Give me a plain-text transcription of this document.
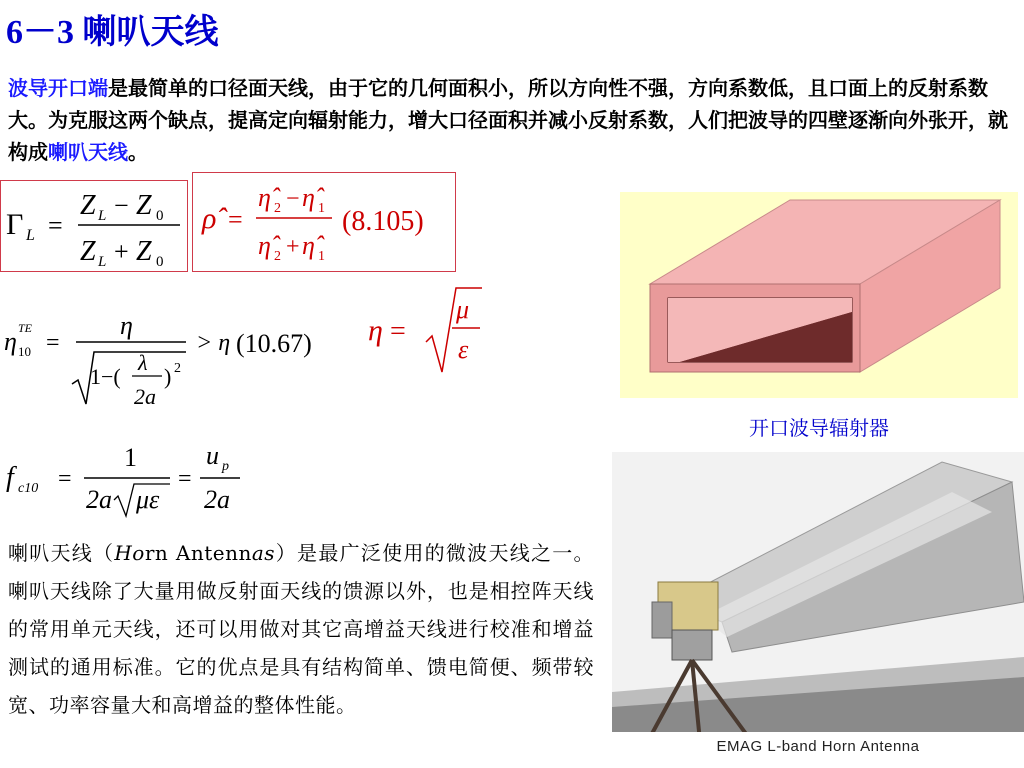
6－3 喇叭天线
波导开口端是最简单的口径面天线，由于它的几何面积小，所以方向性不强，方向系数低，且口面上的反射系数大。为克服这两个缺点，提高定向辐射能力，增大口径面积并减小反射系数，人们把波导的四壁逐渐向外张开，就构成喇叭天线。
Γ L =
Z L − Z 0
Z L + Z 0
ρ̂ =
η̂ 2 − η̂ 1
η̂ 2 + η̂ 1
(8.105)
η TE
10 =
η
1−(
λ
2a
) 2
> η (10.67) η =
μ
ε
f c10 =
1
2a με
=
u p
2a
开口波导辐射器
喇叭天线（Horn Antennas）是最广泛使用的微波天线之一。喇叭天线除了大量用做反射面天线的馈源以外，也是相控阵天线的常用单元天线，还可以用做对其它高增益天线进行校准和增益测试的通用标准。它的优点是具有结构简单、馈电简便、频带较宽、功率容量大和高增益的整体性能。
EMAG L-band Horn Antenna
